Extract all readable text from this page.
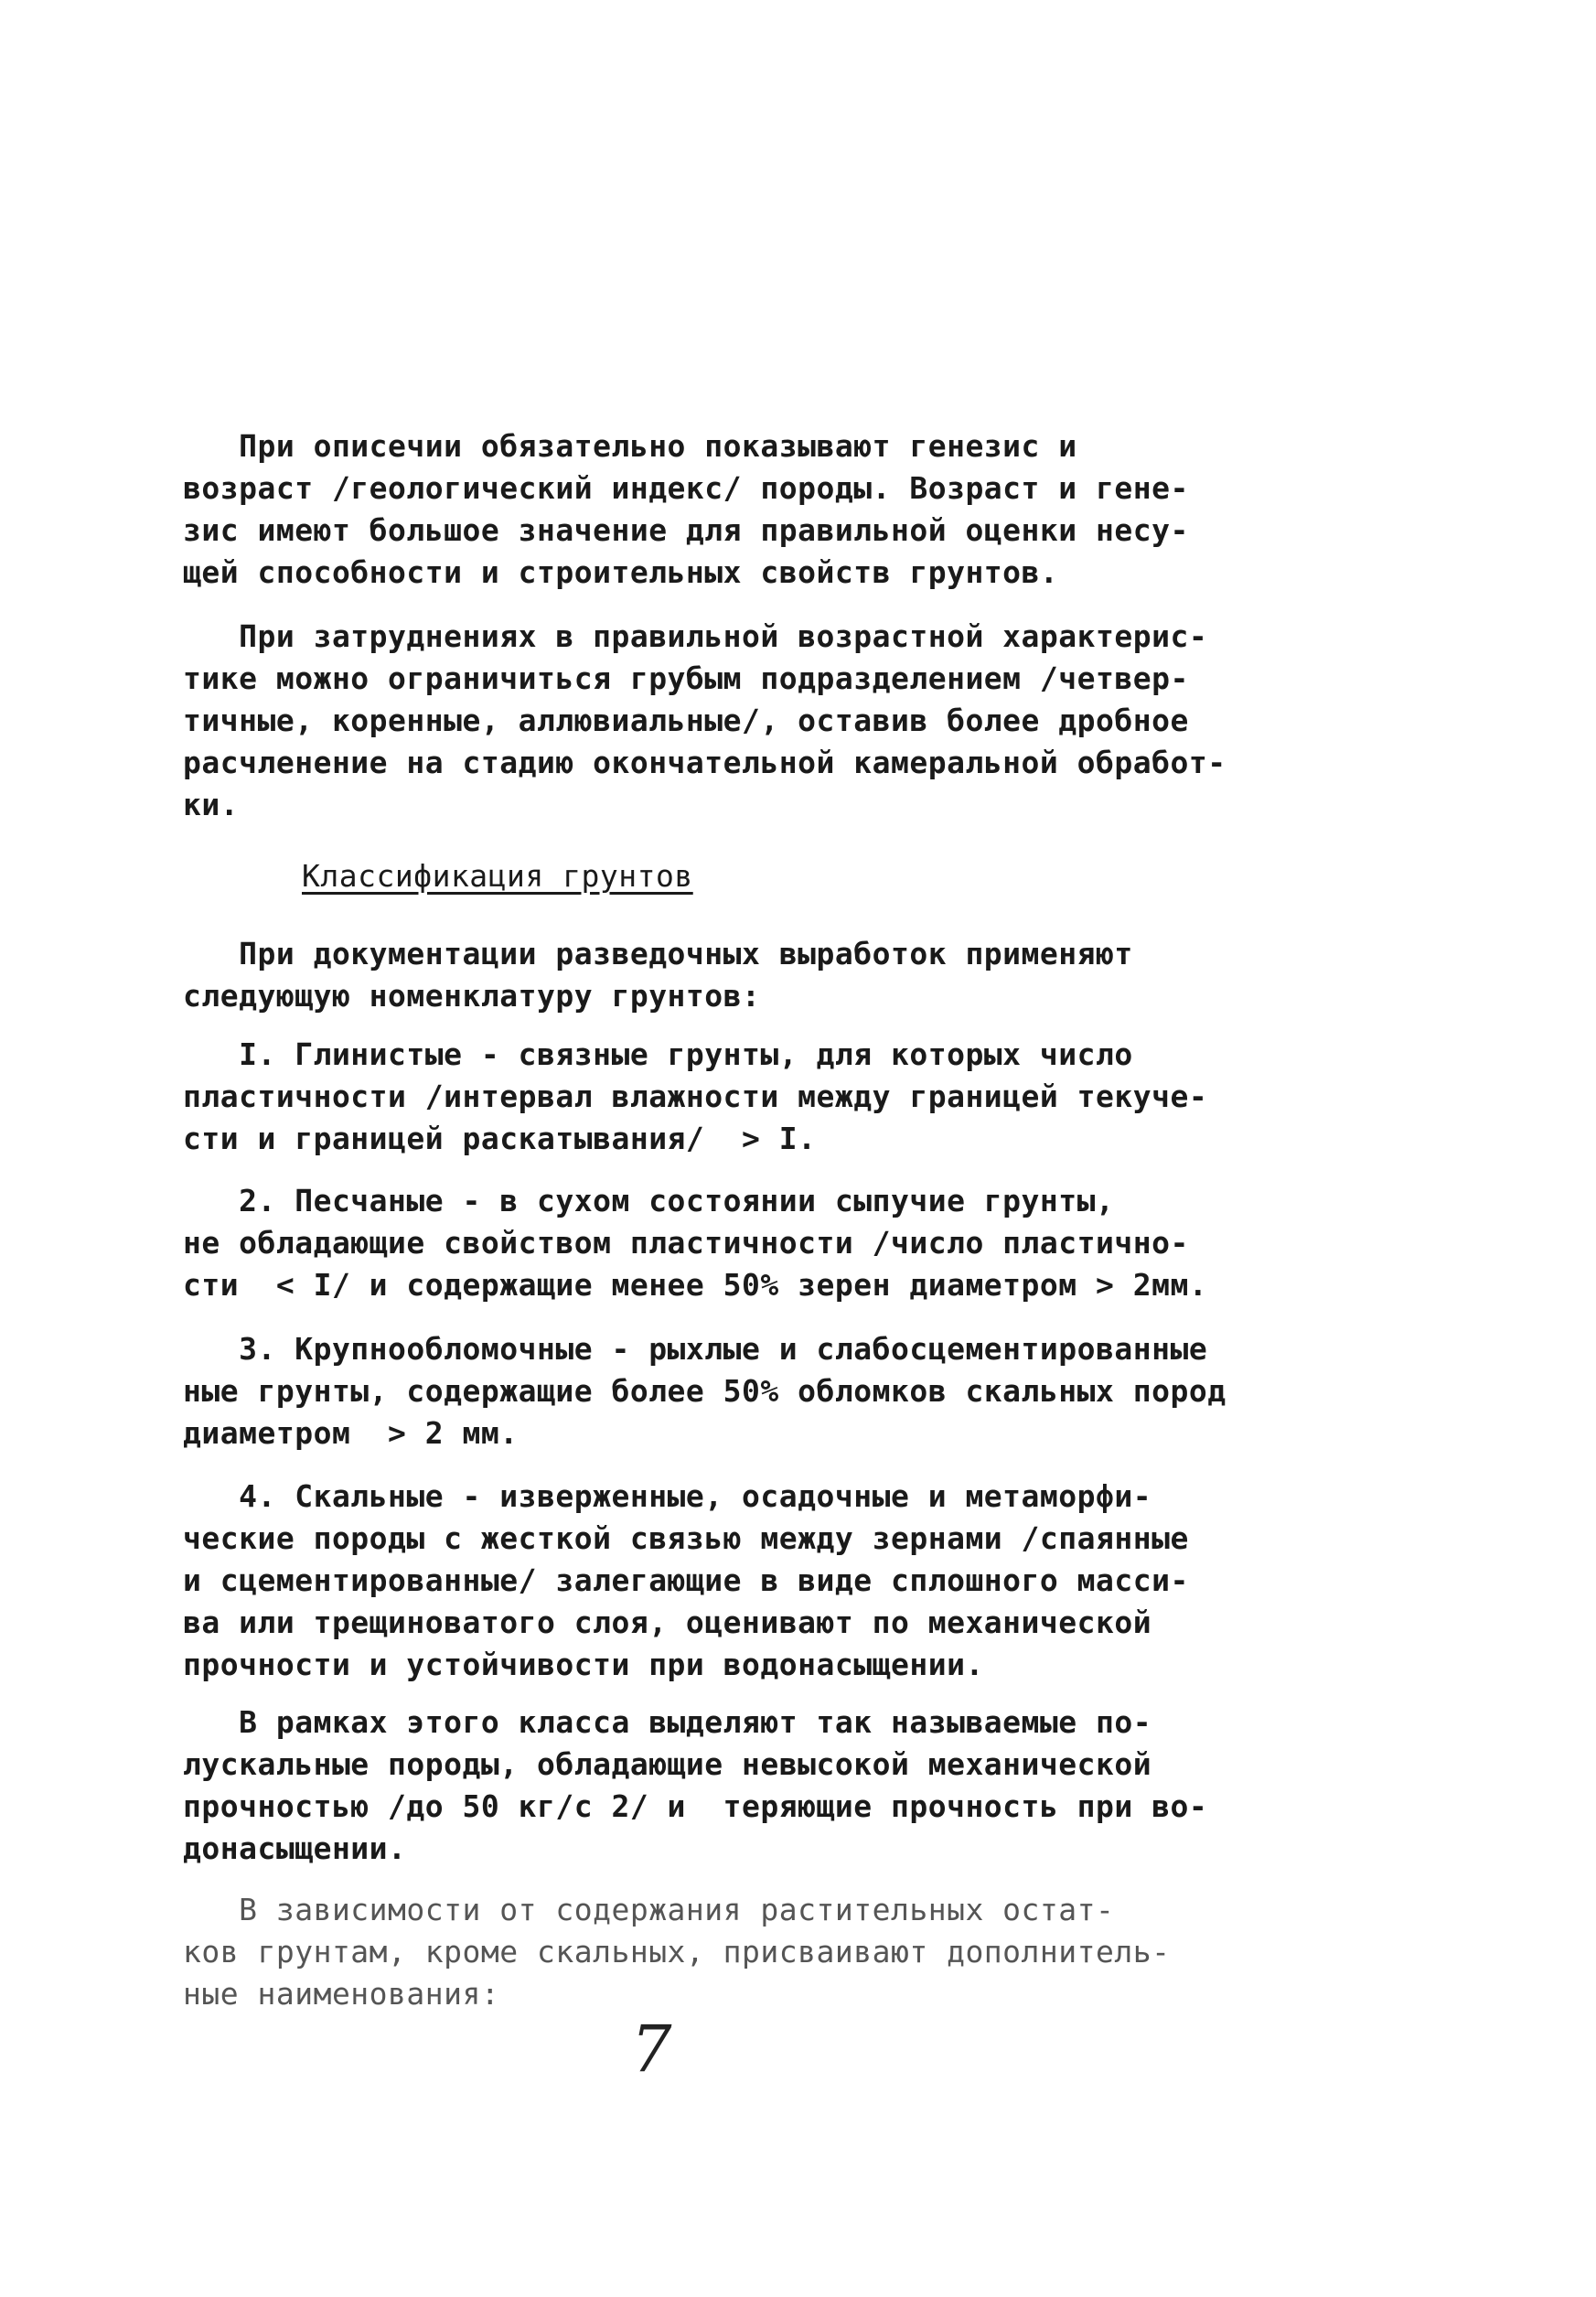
При описечии обязательно показывают генезис и
возраст /геологический индекс/ породы. Возраст и гене-
зис имеют большое значение для правильной оценки несу-
щей способности и строительных свойств грунтов.
При затруднениях в правильной возрастной характерис-
тике можно ограничиться грубым подразделением /четвер-
тичные, коренные, аллювиальные/, оставив более дробное
расчленение на стадию окончательной камеральной обработ-
ки.
При документации разведочных выработок применяют
следующую номенклатуру грунтов:
I. Глинистые - связные грунты, для которых число
пластичности /интервал влажности между границей текуче-
сти и границей раскатывания/  > I.
2. Песчаные - в сухом состоянии сыпучие грунты,
не обладающие свойством пластичности /число пластично-
сти  < I/ и содержащие менее 50% зерен диаметром > 2мм.
3. Крупнообломочные - рыхлые и слабосцементированные
ные грунты, содержащие более 50% обломков скальных пород
диаметром  > 2 мм.
4. Скальные - изверженные, осадочные и метаморфи-
ческие породы с жесткой связью между зернами /спаянные
и сцементированные/ залегающие в виде сплошного масси-
ва или трещиноватого слоя, оценивают по механической
прочности и устойчивости при водонасыщении.
В рамках этого класса выделяют так называемые по-
лускальные породы, обладающие невысокой механической
прочностью /до 50 кг/с 2/ и  теряющие прочность при во-
донасыщении.
В зависимости от содержания растительных остат-
ков грунтам, кроме скальных, присваивают дополнитель-
ные наименования:
Классификация грунтов
7
